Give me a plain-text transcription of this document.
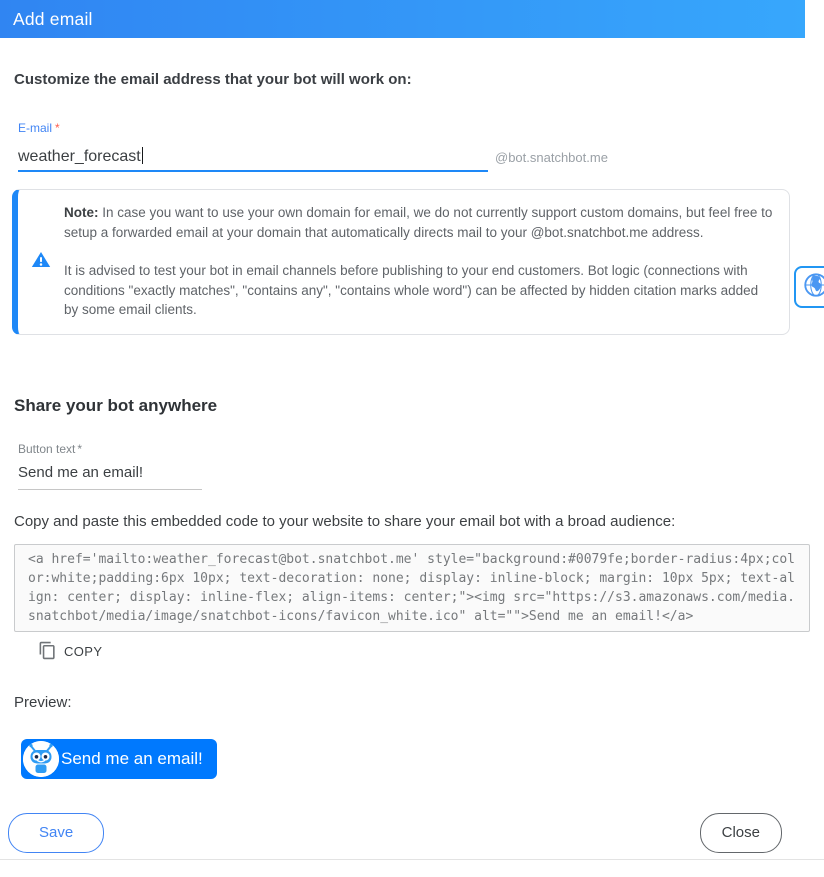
Add email
Customize the email address that your bot will work on:
E-mail *
weather_forecast	@bot.snatchbot.me

Note: In case you want to use your own domain for email, we do not currently support custom domains, but feel free to setup a forwarded email at your domain that automatically directs mail to your @bot.snatchbot.me address.

It is advised to test your bot in email channels before publishing to your end customers. Bot logic (connections with conditions "exactly matches", "contains any", "contains whole word") can be affected by hidden citation marks added by some email clients.

Share your bot anywhere
Button text *
Send me an email!
Copy and paste this embedded code to your website to share your email bot with a broad audience:
<a href='mailto:weather_forecast@bot.snatchbot.me' style="background:#0079fe;border-radius:4px;color:white;padding:6px 10px; text-decoration: none; display: inline-block; margin: 10px 5px; text-align: center; display: inline-flex; align-items: center;"><img src="https://s3.amazonaws.com/media.snatchbot/media/image/snatchbot-icons/favicon_white.ico" alt="">Send me an email!</a>
COPY
Preview:
Send me an email!
Save	Close
